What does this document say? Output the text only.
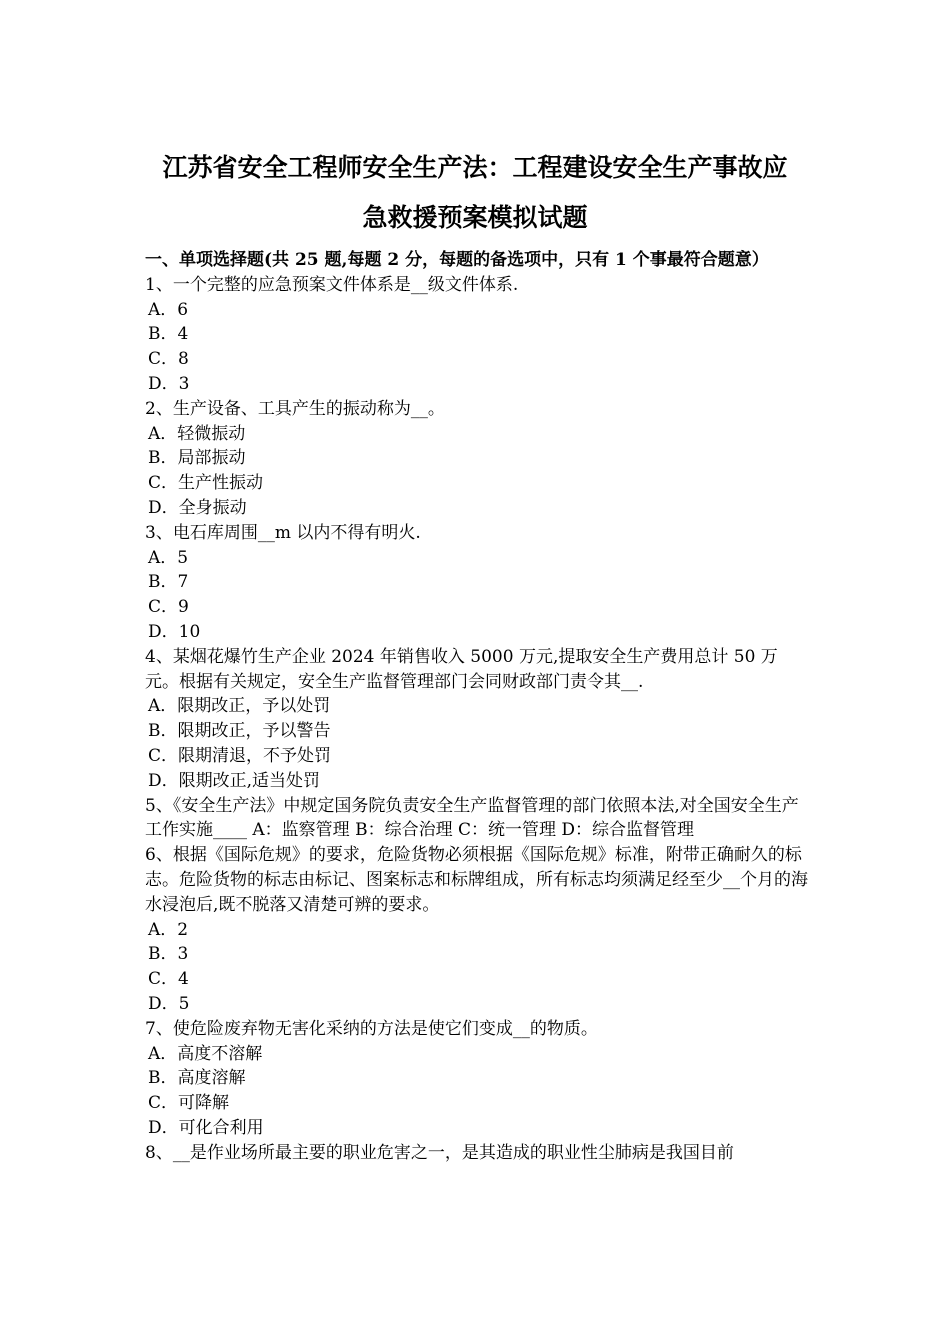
江苏省安全工程师安全生产法：工程建设安全生产事故应
急救援预案模拟试题
一、单项选择题(共 25 题,每题 2 分，每题的备选项中，只有 1 个事最符合题意）

1、一个完整的应急预案文件体系是__级文件体系.

A．6
B．4
C．8
D．3

2、生产设备、工具产生的振动称为__。

A．轻微振动
B．局部振动
C．生产性振动
D．全身振动

3、电石库周围__m 以内不得有明火.

A．5
B．7
C．9
D．10

4、某烟花爆竹生产企业 2024 年销售收入 5000 万元,提取安全生产费用总计 50 万元。根据有关规定，安全生产监督管理部门会同财政部门责令其__.

A．限期改正，予以处罚
B．限期改正，予以警告
C．限期清退，不予处罚
D．限期改正,适当处罚

5、《安全生产法》中规定国务院负责安全生产监督管理的部门依照本法,对全国安全生产工作实施____ A：监察管理 B：综合治理 C：统一管理 D：综合监督管理

6、根据《国际危规》的要求，危险货物必须根据《国际危规》标准，附带正确耐久的标志。危险货物的标志由标记、图案标志和标牌组成，所有标志均须满足经至少__个月的海水浸泡后,既不脱落又清楚可辨的要求。

A．2
B．3
C．4
D．5

7、使危险废弃物无害化采纳的方法是使它们变成__的物质。

A．高度不溶解
B．高度溶解
C．可降解
D．可化合利用

8、__是作业场所最主要的职业危害之一，是其造成的职业性尘肺病是我国目前
